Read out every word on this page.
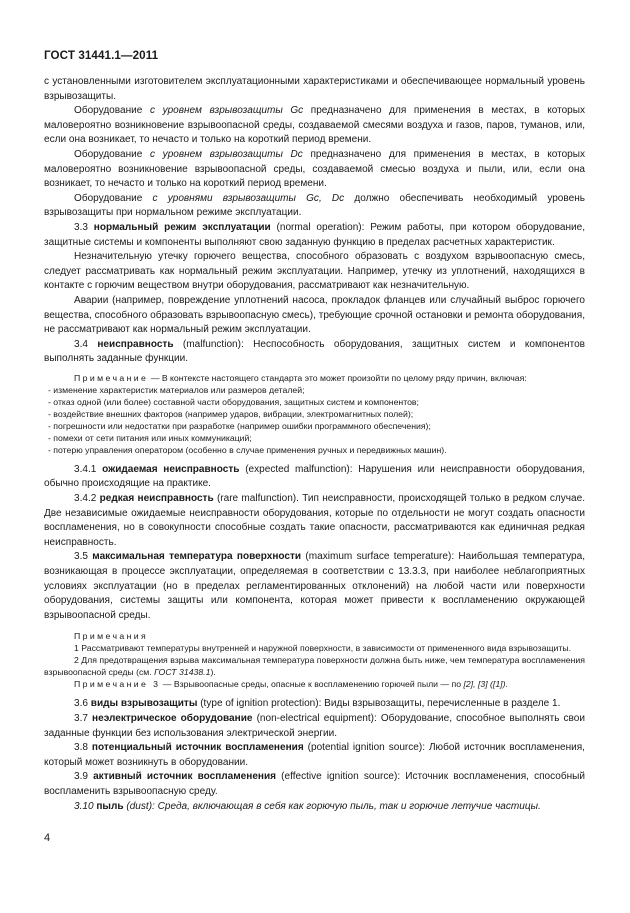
ГОСТ 31441.1—2011

с установленными изготовителем эксплуатационными характеристиками и обеспечивающее нормальный уровень взрывозащиты.

Оборудование с уровнем взрывозащиты Gc предназначено для применения в местах, в которых маловероятно возникновение взрывоопасной среды, создаваемой смесями воздуха и газов, паров, туманов, или, если она возникает, то нечасто и только на короткий период времени.

Оборудование с уровнем взрывозащиты Dc предназначено для применения в местах, в которых маловероятно возникновение взрывоопасной среды, создаваемой смесью воздуха и пыли, или, если она возникает, то нечасто и только на короткий период времени.

Оборудование с уровнями взрывозащиты Gc, Dc должно обеспечивать необходимый уровень взрывозащиты при нормальном режиме эксплуатации.

3.3 нормальный режим эксплуатации (normal operation): Режим работы, при котором оборудование, защитные системы и компоненты выполняют свою заданную функцию в пределах расчетных характеристик.

Незначительную утечку горючего вещества, способного образовать с воздухом взрывоопасную смесь, следует рассматривать как нормальный режим эксплуатации. Например, утечку из уплотнений, находящихся в контакте с горючим веществом внутри оборудования, рассматривают как незначительную.

Аварии (например, повреждение уплотнений насоса, прокладок фланцев или случайный выброс горючего вещества, способного образовать взрывоопасную смесь), требующие срочной остановки и ремонта оборудования, не рассматривают как нормальный режим эксплуатации.

3.4 неисправность (malfunction): Неспособность оборудования, защитных систем и компонентов выполнять заданные функции.

Примечание — В контексте настоящего стандарта это может произойти по целому ряду причин, включая:

- изменение характеристик материалов или размеров деталей;

- отказ одной (или более) составной части оборудования, защитных систем и компонентов;

- воздействие внешних факторов (например ударов, вибрации, электромагнитных полей);

- погрешности или недостатки при разработке (например ошибки программного обеспечения);

- помехи от сети питания или иных коммуникаций;

- потерю управления оператором (особенно в случае применения ручных и передвижных машин).

3.4.1 ожидаемая неисправность (expected malfunction): Нарушения или неисправности оборудования, обычно происходящие на практике.

3.4.2 редкая неисправность (rare malfunction). Тип неисправности, происходящей только в редком случае. Две независимые ожидаемые неисправности оборудования, которые по отдельности не могут создать опасности воспламенения, но в совокупности способные создать такие опасности, рассматриваются как единичная редкая неисправность.

3.5 максимальная температура поверхности (maximum surface temperature): Наибольшая температура, возникающая в процессе эксплуатации, определяемая в соответствии с 13.3.3, при наиболее неблагоприятных условиях эксплуатации (но в пределах регламентированных отклонений) на любой части или поверхности оборудования, системы защиты или компонента, которая может привести к воспламенению окружающей взрывоопасной среды.

Примечания

1 Рассматривают температуры внутренней и наружной поверхности, в зависимости от примененного вида взрывозащиты.

2 Для предотвращения взрыва максимальная температура поверхности должна быть ниже, чем температура воспламенения взрывоопасной среды (см. ГОСТ 31438.1).

Примечание 3 — Взрывоопасные среды, опасные к воспламенению горючей пыли — по [2], [3] ([1]).

3.6 виды взрывозащиты (type of ignition protection): Виды взрывозащиты, перечисленные в разделе 1.

3.7 неэлектрическое оборудование (non-electrical equipment): Оборудование, способное выполнять свои заданные функции без использования электрической энергии.

3.8 потенциальный источник воспламенения (potential ignition source): Любой источник воспламенения, который может возникнуть в оборудовании.

3.9 активный источник воспламенения (effective ignition source): Источник воспламенения, способный воспламенить взрывоопасную среду.

3.10 пыль (dust): Среда, включающая в себя как горючую пыль, так и горючие летучие частицы.

4
